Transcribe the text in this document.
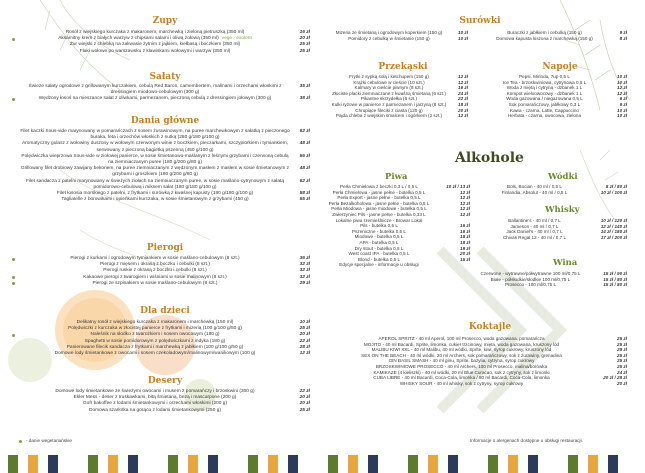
Zupy
Rosół z wiejskiego kurczaka z makaronem, marchewką i zieloną pietruszką (350 ml)	16 zł
Aksamitny krem z białych warzyw z chipsami salami i oliwą żołową (350 ml) vege · exolent	20 zł
Żur wiejski z chlebką na zakwasie żytnim z jajkiem, kiełbasą i boczkiem (350 ml)	25 zł
Flaki wołowe po warszawsku z klawiskami wołowymi i warzyw (350 ml)	25 zł
Sałaty
Świeże sałaty ogrodowe z grillowanym kurczakiem, cebulą Red Baron, camembertem, malinami i orzechami włoskimi z dressingiem miodowo-cebulowym (300 g)
35 zł
Wędzony łosoś na mieszance sałat z oliwkami, parmezanem, pieczoną cebulą z dressingiem jołowym (300 g)	38 zł
Dania główne
Filet kaczki Sous-vide marynowany w pomarańczach z sosem żurawinowym, na puree marchewkowym z sałatką z pieczonego buraka, feta i orzechów włoskich z nutką (280 g/180 g/100 g)
62 zł
Aromatyczny gulasz z wołowiny duszony w wołowym czerwonym winie z boczkiem, pieczarkami, szczypiorkiem i tymiankiem, serwowany z pieczoną bagietką pszenną (450 g/100 g)
48 zł
Polędwiczka wieprzowa Sous-vide w ziołowej panierce, w sosie śmietanowo-maślanym z leśnymi grzybami i czerwoną cebulą na ziemniaczanym puree (180 g/200 g/80 g)
56 zł
Grillowany filet drobiowy zawijany bekonem, na puree ziemniaczanym z wędzonym masłem z masłem w sosie śmietanowym z grzybami i groszkiem (180 g/200 g/80 g)
48 zł
Filet sandacza z patelni marynowany w świeżych ziołach na ziemniaczanym puree, w sosie maślano-cytrynowym z sałatą pomidorowo-cebulową i miksem sałat (180 g/180 g/100 g)
62 zł
Filet łososia morskiego z patelni, z frytkami i surówką z kwaśnej kapusty (180 g/180 g/100 g)	58 zł
Tagliatelle z borowikami i opieńkami kurczaka, w sosie śmietanowym z grzybami (450 g)	55 zł
Pierogi
Pierogi z kurkami i ogrodowym tymiankiem w sosie maślano-cebulowym (8 szt.)	36 zł
Pierogi z mięsem i okrasą z boczku i cebulki (8 szt.)	32 zł
Pierogi ruskie z okrasą z boczku i cebulki (8 szt.)	32 zł
Kakaowe pierogi z twarogiem i wiśniami w sosie malinowym (8 szt.)	32 zł
Pierogi ze szpinakiem w sosie maślano-cebulowym (8 szt.)	29 zł
Dla dzieci
Delikatny rosół z wiejskiego kurczaka z makaronem i marchewką (150 ml)	10 zł
Polędwiczki z kurczaka w złocistej panierce z frytkami i mizerią (100 g/100 g/50 g)	25 zł
Naleśnik na słodko z twarożkiem i sosem owocowym (180 g)	20 zł
Spaghetti w sosie pomidorowym z polędwiczkami z indyka (180 g)	22 zł
Panierowane filecik sandacza z frytkami i marchewką z jabłkiem (100 g/100 g/50 g)	28 zł
Domowe lody śmietankowe z owocami i sosem czekoladowym/malinowym/waniliowym (100 g)	12 zł
Desery
Domowe lody śmietankowe ze świeżymi owocami i musem z pomarańczy i brzoskwini (300 g)	22 zł
Ekler Mess - deser z truskawkami, bitą śmietaną, bezą i mascarpone (200 g)	20 zł
Gofr bakoffee z lodami śmietankowymi i orzechami włoskimi (200 g)	20 zł
Domowa szarlotka na gorąco z lodami śmietankowymi (250 g)	25 zł
Surówki
Mizeria ze śmietaną i ogrodowym koperkiem (150 g)	10 zł
Pomidory z cebulką w śmietanie (150 g)	10 zł
Buraczki z jabłkiem i cebulką (150 g)	9 zł
Domowa kapusta kiszona z marchewką (150 g)	8 zł
Przekąski
Frytki z sypką solą i ketchupem (150 g)	12 zł
Krążki cebulowe w cieście (10 szt.)	12 zł
Kalmary w cieście piwnym (8 szt.)	16 zł
Złociste placki ziemniaczane z kwaśną śmietaną (6 szt.)	24 zł
Pikantne skrzydełka (6 szt.)	22 zł
Kulki ryżowe w panierce z parmezanem i jarzyną (8 szt.)	18 zł
Chrupiące fileciki z ciasta (120 g)	20 zł
Pajda chleba z wiejskim smalcem i ogórkiem (2 szt.)	12 zł
Napoje
Pepsi, Mirinda, 7up 0,5 L	10 zł
Ice Tea - brzoskwiniowa, cytrynowa 0,5 L	10 zł
Woda z miętą i cytryną - dzbanek 1 L	12 zł
Kompot wieloowocowy - dzbanek 1 L	12 zł
Woda gazowana / niegazowana 0,5 L	6 zł
Sok pomarańczowy, jabłkowy 0,3 L	9 zł
Kawa - czarna, Latte, Cappuccino	10 zł
Herbata - czarna, owocowa, zielona	10 zł
Alkohole
Piwa
Perła Chmielowa z beczki 0,3 L / 0,5 L	10 zł / 13 zł
Perła Chmielowa - jasne pełne - butelka 0,5 L	12 zł
Perła Export - jasne pełne - butelka 0,5 L	12 zł
Perła Bezalkoholowa - jasne pełne - butelka 0,5 L	12 zł
Perła Miodowa - jasne miodowe - butelka 0,5 L	12 zł
Zwierzyniec Pils - jasne pełne - butelka 0,33 L	12 zł
Lokalne piwa rzemieślnicze - Browar Lokal
Pils - butelka 0,5 L	16 zł
Pszeniczne - butelka 0,5 L	16 zł
Miodowe - butelka 0,5 L	18 zł
APA - butelka 0,5 L	18 zł
Dry stout - butelka 0,5 L	19 zł
West coast IPA - butelka 0,5 L	20 zł
Blond - butelka 0,5 L	15 zł
Edycje specjalne - informacje u obsługi
Wódki
Bols, Bocian - 40 ml / 0,5 L	8 zł / 80 zł
Finlandia, Absolut - 40 ml / 0,5 L	10 zł / 100 zł
Whisky
Ballantine's - 40 ml / 0,7 L	10 zł / 120 zł
Jameson - 40 ml / 0,7 L	12 zł / 140 zł
Jack Daniel's - 40 ml / 0,7 L	14 zł / 180 zł
Chivas Regal 12 - 40 ml / 0,7 L	17 zł / 200 zł
Wina
Czerwone - wytrawne/półwytrawne 100 ml/0,75 L	15 zł / 90 zł
Białe - półsłodkie/słodkie 100 ml/0,75 L	15 zł / 80 zł
Prosecco - 100 ml/0,75 L	15 zł / 80 zł
Koktajle
APEROL SPRITZ - 40 ml Aperol, 100 ml Prosecco, woda gazowana, pomarańcza	25 zł
MOJITO - 40 ml Bacardi, Sprite, limonka, cukier trzcinowy, mięta, woda gazowana, kruszony lód	25 zł
MALIBU KIWI XXL - 40 ml Malibu, 40 ml wódki, Sprite, kiwi, syrop cukrowy, kruszony lód	28 zł
SEX ON THE BEACH - 40 ml wódki, 20 ml Archers, sok pomarańczowy, sok z żurawiny, grenadina	25 zł
GIN BASIL SMASH - 40 ml ginu, Sprite, bazylia, cytryna, syrop cukrowy	25 zł
BRZOSKWINIOWE PROSECCO - 40 ml Archers, 100 ml Prosecco, malina/borówka	25 zł
KAMIKAZE (4 kieliszki) - 40 ml wódki, 20 ml Blue Curacao, sok z cytryny, sok z limonki	24 zł
CUBA LIBRE - 40 ml Bacardi, Coca-Cola, limonka / 80 ml Bacardi, Coca-Cola, limonka	20 zł / 28 zł
WHISKY SOUR - 40 ml whisky, sok z cytryny, syrop cukrowy	20 zł
- danie wegetariańskie	Informacje o alergenach dostępne u obsługi restauracji.
